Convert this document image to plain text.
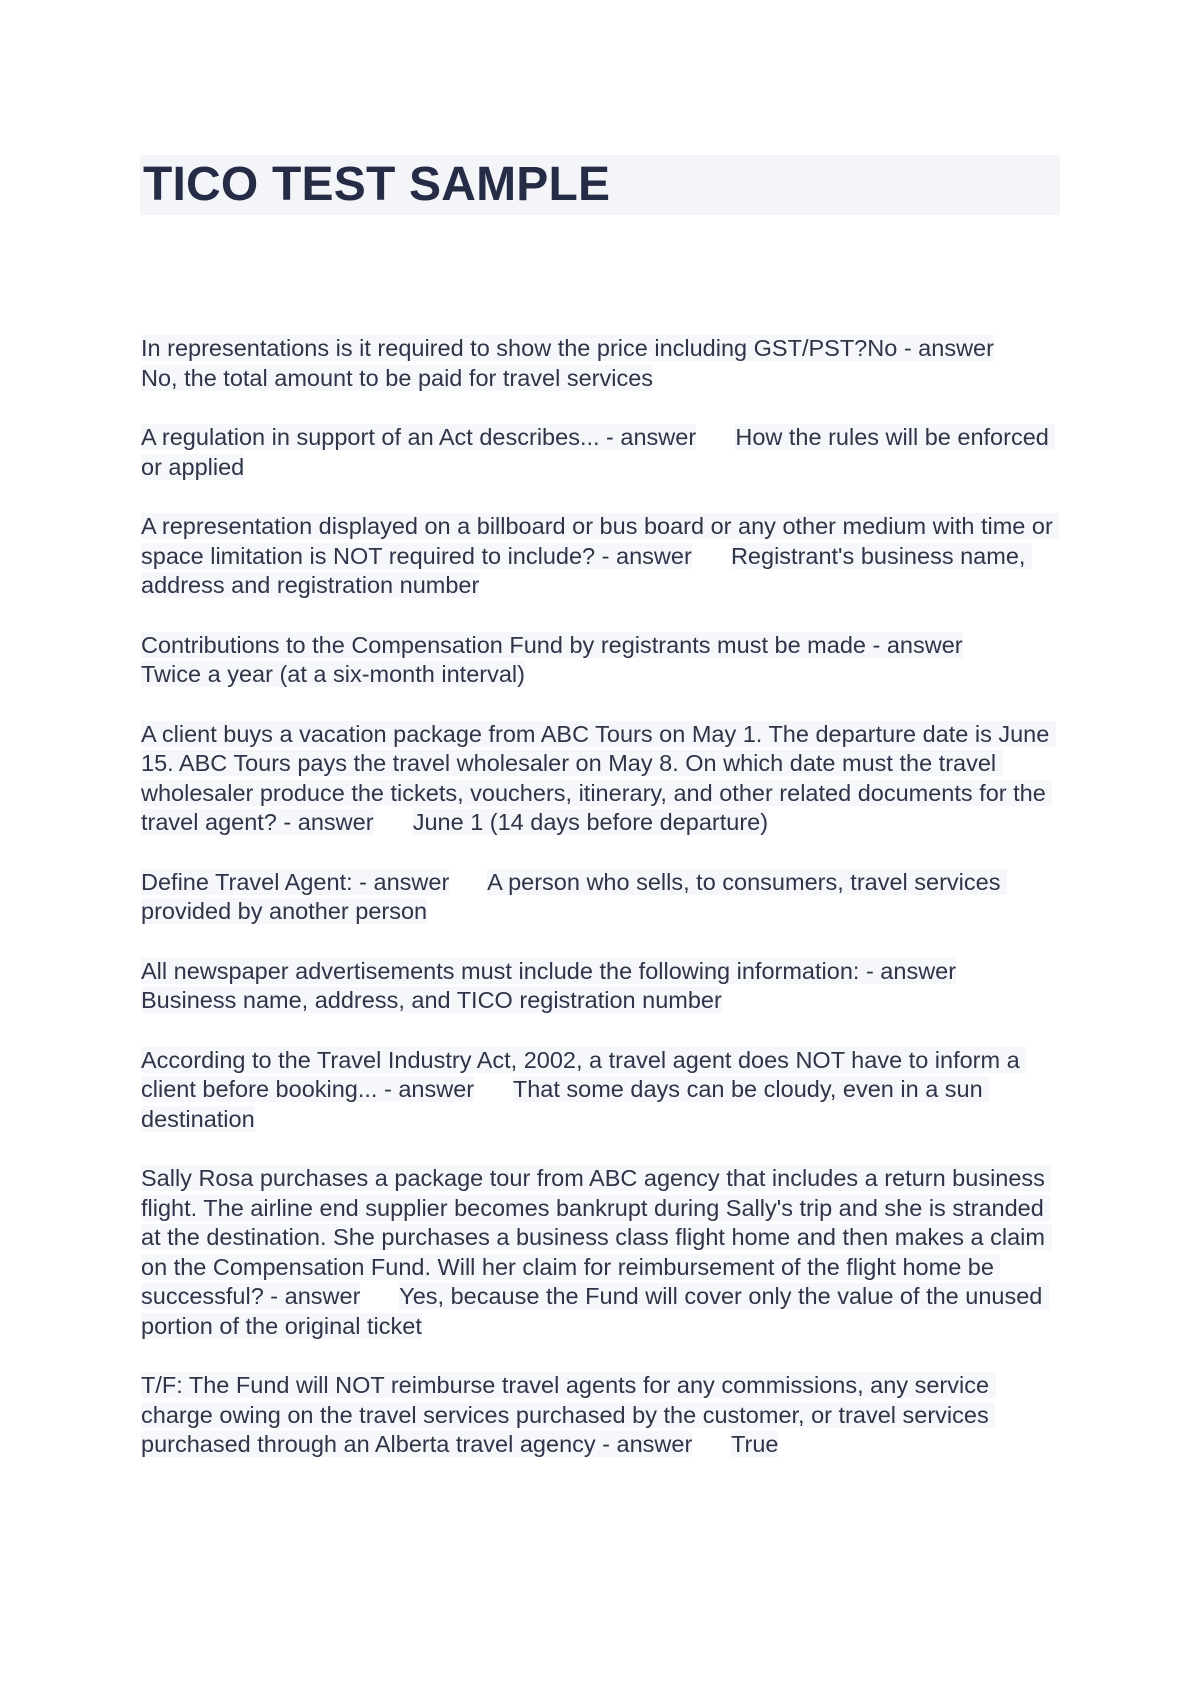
TICO TEST SAMPLE

In representations is it required to show the price including GST/PST?No - answer
No, the total amount to be paid for travel services

A regulation in support of an Act describes... - answer How the rules will be enforced or applied

A representation displayed on a billboard or bus board or any other medium with time or space limitation is NOT required to include? - answer Registrant's business name, address and registration number

Contributions to the Compensation Fund by registrants must be made - answer
Twice a year (at a six-month interval)

A client buys a vacation package from ABC Tours on May 1. The departure date is June 15. ABC Tours pays the travel wholesaler on May 8. On which date must the travel wholesaler produce the tickets, vouchers, itinerary, and other related documents for the travel agent? - answer June 1 (14 days before departure)

Define Travel Agent: - answer A person who sells, to consumers, travel services provided by another person

All newspaper advertisements must include the following information: - answer
Business name, address, and TICO registration number

According to the Travel Industry Act, 2002, a travel agent does NOT have to inform a client before booking... - answer That some days can be cloudy, even in a sun destination

Sally Rosa purchases a package tour from ABC agency that includes a return business flight. The airline end supplier becomes bankrupt during Sally's trip and she is stranded at the destination. She purchases a business class flight home and then makes a claim on the Compensation Fund. Will her claim for reimbursement of the flight home be successful? - answer Yes, because the Fund will cover only the value of the unused portion of the original ticket

T/F: The Fund will NOT reimburse travel agents for any commissions, any service charge owing on the travel services purchased by the customer, or travel services purchased through an Alberta travel agency - answer True
